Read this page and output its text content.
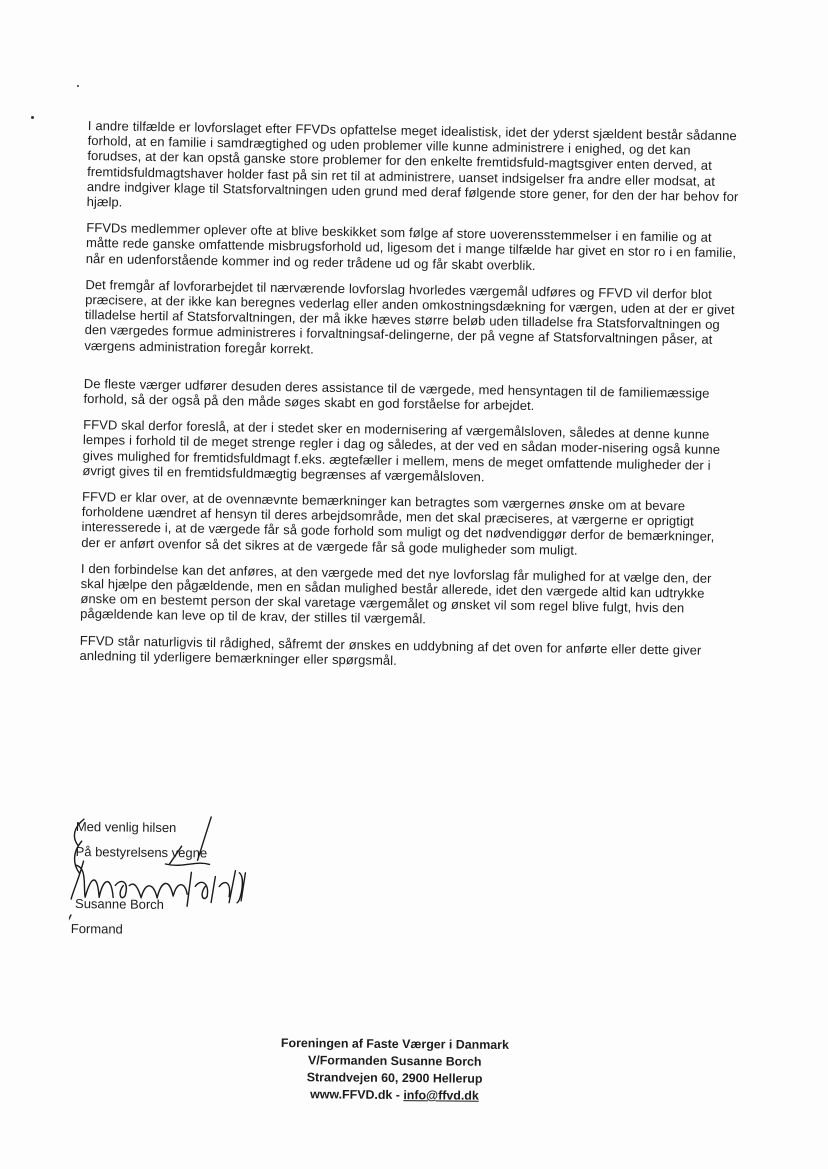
I andre tilfælde er lovforslaget efter FFVDs opfattelse meget idealistisk, idet der yderst sjældent består sådanne forhold, at en familie i samdrægtighed og uden problemer ville kunne administrere i enighed, og det kan forudses, at der kan opstå ganske store problemer for den enkelte fremtidsfuld-magtsgiver enten derved, at fremtidsfuldmagtshaver holder fast på sin ret til at administrere, uanset indsigelser fra andre eller modsat, at andre indgiver klage til Statsforvaltningen uden grund med deraf følgende store gener, for den der har behov for hjælp.

FFVDs medlemmer oplever ofte at blive beskikket som følge af store uoverensstemmelser i en familie og at måtte rede ganske omfattende misbrugsforhold ud, ligesom det i mange tilfælde har givet en stor ro i en familie, når en udenforstående kommer ind og reder trådene ud og får skabt overblik.

Det fremgår af lovforarbejdet til nærværende lovforslag hvorledes værgemål udføres og FFVD vil derfor blot præcisere, at der ikke kan beregnes vederlag eller anden omkostningsdækning for værgen, uden at der er givet tilladelse hertil af Statsforvaltningen, der må ikke hæves større beløb uden tilladelse fra Statsforvaltningen og den værgedes formue administreres i forvaltningsaf-delingerne, der på vegne af Statsforvaltningen påser, at værgens administration foregår korrekt.

De fleste værger udfører desuden deres assistance til de værgede, med hensyntagen til de familiemæssige forhold, så der også på den måde søges skabt en god forståelse for arbejdet.

FFVD skal derfor foreslå, at der i stedet sker en modernisering af værgemålsloven, således at denne kunne lempes i forhold til de meget strenge regler i dag og således, at der ved en sådan moder-nisering også kunne gives mulighed for fremtidsfuldmagt f.eks. ægtefæller i mellem, mens de meget omfattende muligheder der i øvrigt gives til en fremtidsfuldmægtig begrænses af værgemålsloven.

FFVD er klar over, at de ovennævnte bemærkninger kan betragtes som værgernes ønske om at bevare forholdene uændret af hensyn til deres arbejdsområde, men det skal præciseres, at værgerne er oprigtigt interesserede i, at de værgede får så gode forhold som muligt og det nødvendiggør derfor de bemærkninger, der er anført ovenfor så det sikres at de værgede får så gode muligheder som muligt.

I den forbindelse kan det anføres, at den værgede med det nye lovforslag får mulighed for at vælge den, der skal hjælpe den pågældende, men en sådan mulighed består allerede, idet den værgede altid kan udtrykke ønske om en bestemt person der skal varetage værgemålet og ønsket vil som regel blive fulgt, hvis den pågældende kan leve op til de krav, der stilles til værgemål.

FFVD står naturligvis til rådighed, såfremt der ønskes en uddybning af det oven for anførte eller dette giver anledning til yderligere bemærkninger eller spørgsmål.

Med venlig hilsen
På bestyrelsens vegne
Susanne Borch
Formand
Foreningen af Faste Værger i Danmark
V/Formanden Susanne Borch
Strandvejen 60, 2900 Hellerup
www.FFVD.dk - info@ffvd.dk
